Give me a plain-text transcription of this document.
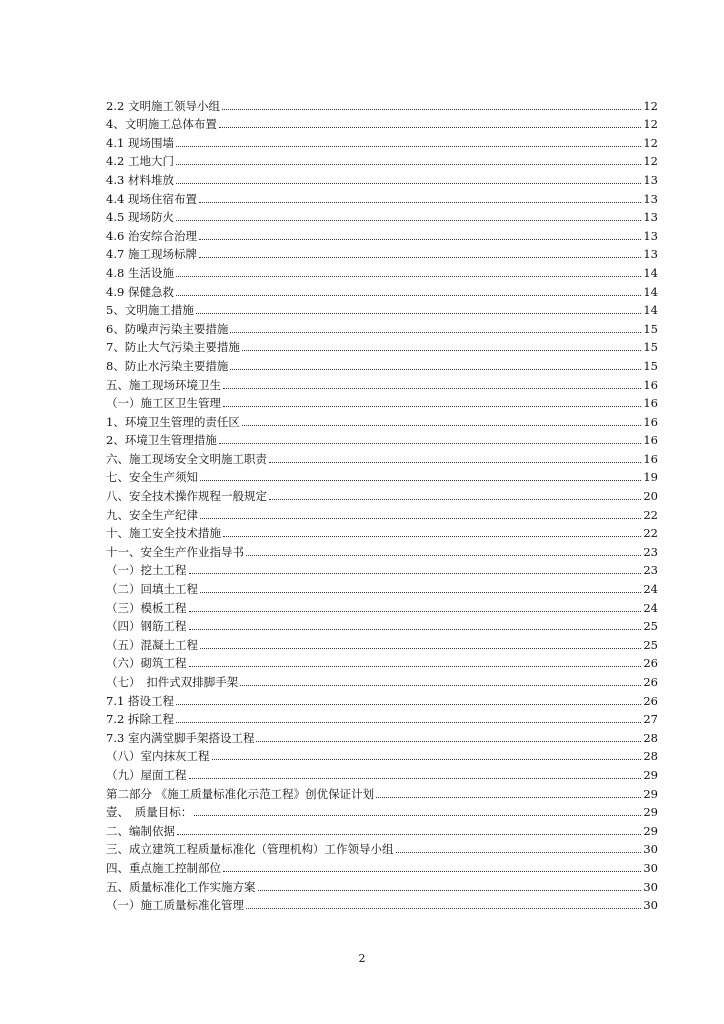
2.2 文明施工领导小组	12
4、文明施工总体布置	12
4.1 现场围墙	12
4.2 工地大门	12
4.3 材料堆放	13
4.4 现场住宿布置	13
4.5 现场防火	13
4.6 治安综合治理	13
4.7 施工现场标牌	13
4.8 生活设施	14
4.9 保健急救	14
5、文明施工措施	14
6、防噪声污染主要措施	15
7、防止大气污染主要措施	15
8、防止水污染主要措施	15
五、施工现场环境卫生	16
（一）施工区卫生管理	16
1、环境卫生管理的责任区	16
2、环境卫生管理措施	16
六、施工现场安全文明施工职责	16
七、安全生产须知	19
八、安全技术操作规程一般规定	20
九、安全生产纪律	22
十、施工安全技术措施	22
十一、安全生产作业指导书	23
（一）挖土工程	23
（二）回填土工程	24
（三）模板工程	24
（四）钢筋工程	25
（五）混凝土工程	25
（六）砌筑工程	26
（七）　扣件式双排脚手架	26
7.1 搭设工程	26
7.2 拆除工程	27
7.3 室内满堂脚手架搭设工程	28
（八）室内抹灰工程	28
（九）屋面工程	29
第二部分 《施工质量标准化示范工程》创优保证计划	29
壹、　质量目标：	29
二、编制依据	29
三、成立建筑工程质量标准化（管理机构）工作领导小组	30
四、重点施工控制部位	30
五、质量标准化工作实施方案	30
（一）施工质量标准化管理	30
2
